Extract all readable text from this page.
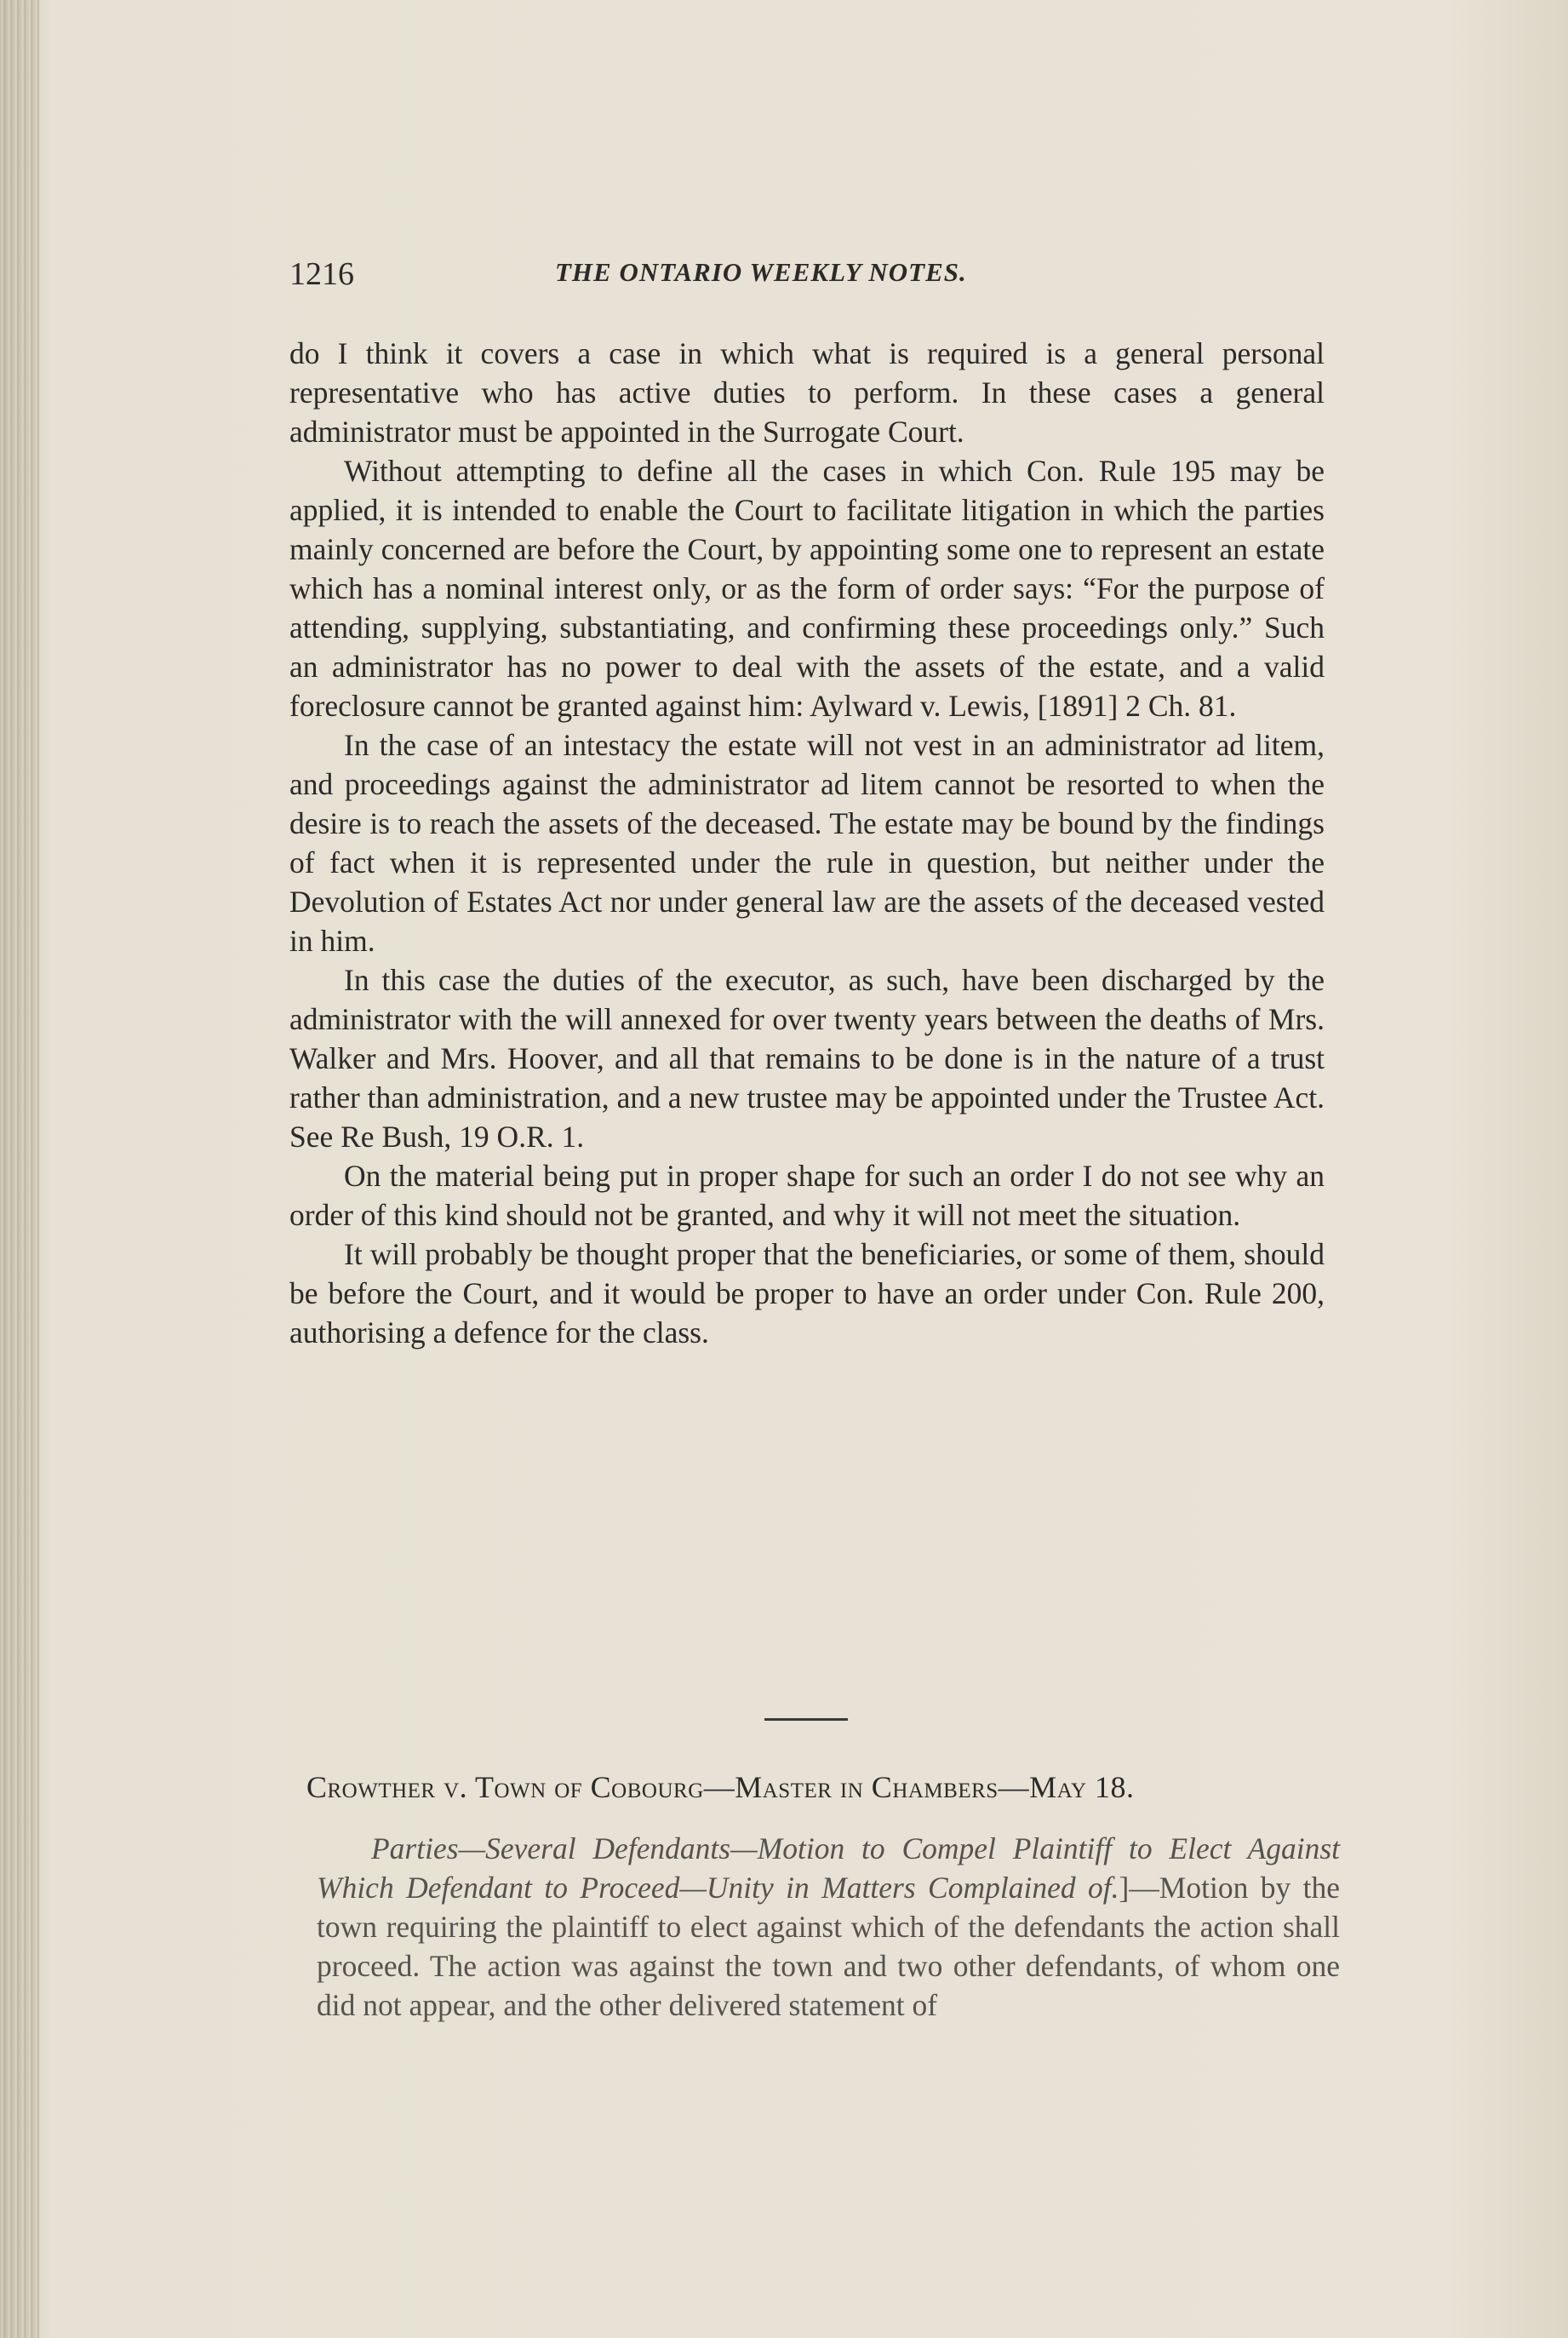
1216	THE ONTARIO WEEKLY NOTES.

do I think it covers a case in which what is required is a general personal representative who has active duties to perform. In these cases a general administrator must be appointed in the Surrogate Court.

Without attempting to define all the cases in which Con. Rule 195 may be applied, it is intended to enable the Court to facilitate litigation in which the parties mainly concerned are before the Court, by appointing some one to represent an estate which has a nominal interest only, or as the form of order says: “For the purpose of attending, supplying, substantiating, and confirming these proceedings only.” Such an administrator has no power to deal with the assets of the estate, and a valid foreclosure cannot be granted against him: Aylward v. Lewis, [1891] 2 Ch. 81.

In the case of an intestacy the estate will not vest in an administrator ad litem, and proceedings against the administrator ad litem cannot be resorted to when the desire is to reach the assets of the deceased. The estate may be bound by the findings of fact when it is represented under the rule in question, but neither under the Devolution of Estates Act nor under general law are the assets of the deceased vested in him.

In this case the duties of the executor, as such, have been discharged by the administrator with the will annexed for over twenty years between the deaths of Mrs. Walker and Mrs. Hoover, and all that remains to be done is in the nature of a trust rather than administration, and a new trustee may be appointed under the Trustee Act. See Re Bush, 19 O.R. 1.

On the material being put in proper shape for such an order I do not see why an order of this kind should not be granted, and why it will not meet the situation.

It will probably be thought proper that the beneficiaries, or some of them, should be before the Court, and it would be proper to have an order under Con. Rule 200, authorising a defence for the class.

Crowther v. Town of Cobourg—Master in Chambers—May 18.

Parties—Several Defendants—Motion to Compel Plaintiff to Elect Against Which Defendant to Proceed—Unity in Matters Complained of.]—Motion by the town requiring the plaintiff to elect against which of the defendants the action shall proceed. The action was against the town and two other defendants, of whom one did not appear, and the other delivered statement of
